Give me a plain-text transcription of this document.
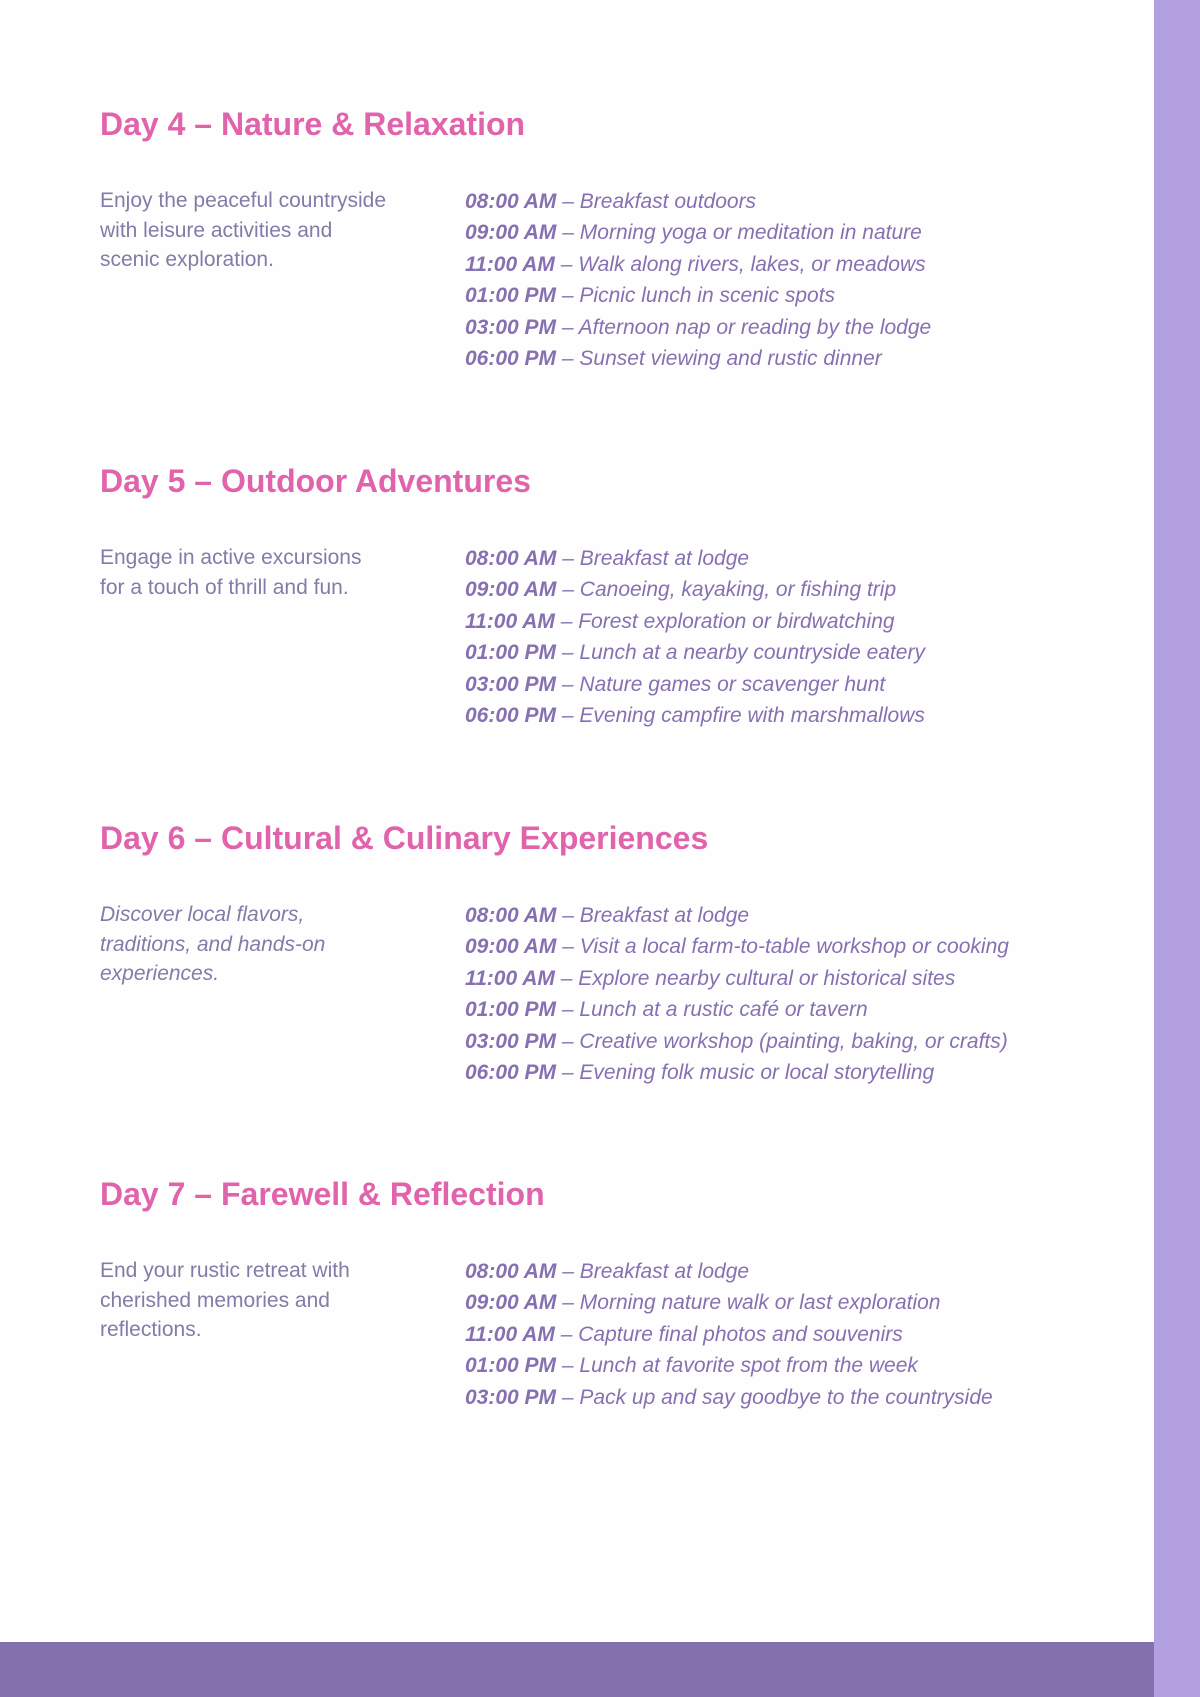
Day 4 – Nature & Relaxation
Enjoy the peaceful countryside with leisure activities and scenic exploration.
08:00 AM – Breakfast outdoors
09:00 AM – Morning yoga or meditation in nature
11:00 AM – Walk along rivers, lakes, or meadows
01:00 PM – Picnic lunch in scenic spots
03:00 PM – Afternoon nap or reading by the lodge
06:00 PM – Sunset viewing and rustic dinner
Day 5 – Outdoor Adventures
Engage in active excursions for a touch of thrill and fun.
08:00 AM – Breakfast at lodge
09:00 AM – Canoeing, kayaking, or fishing trip
11:00 AM – Forest exploration or birdwatching
01:00 PM – Lunch at a nearby countryside eatery
03:00 PM – Nature games or scavenger hunt
06:00 PM – Evening campfire with marshmallows
Day 6 – Cultural & Culinary Experiences
Discover local flavors, traditions, and hands-on experiences.
08:00 AM – Breakfast at lodge
09:00 AM – Visit a local farm-to-table workshop or cooking
11:00 AM – Explore nearby cultural or historical sites
01:00 PM – Lunch at a rustic café or tavern
03:00 PM – Creative workshop (painting, baking, or crafts)
06:00 PM – Evening folk music or local storytelling
Day 7 – Farewell & Reflection
End your rustic retreat with cherished memories and reflections.
08:00 AM – Breakfast at lodge
09:00 AM – Morning nature walk or last exploration
11:00 AM – Capture final photos and souvenirs
01:00 PM – Lunch at favorite spot from the week
03:00 PM – Pack up and say goodbye to the countryside
